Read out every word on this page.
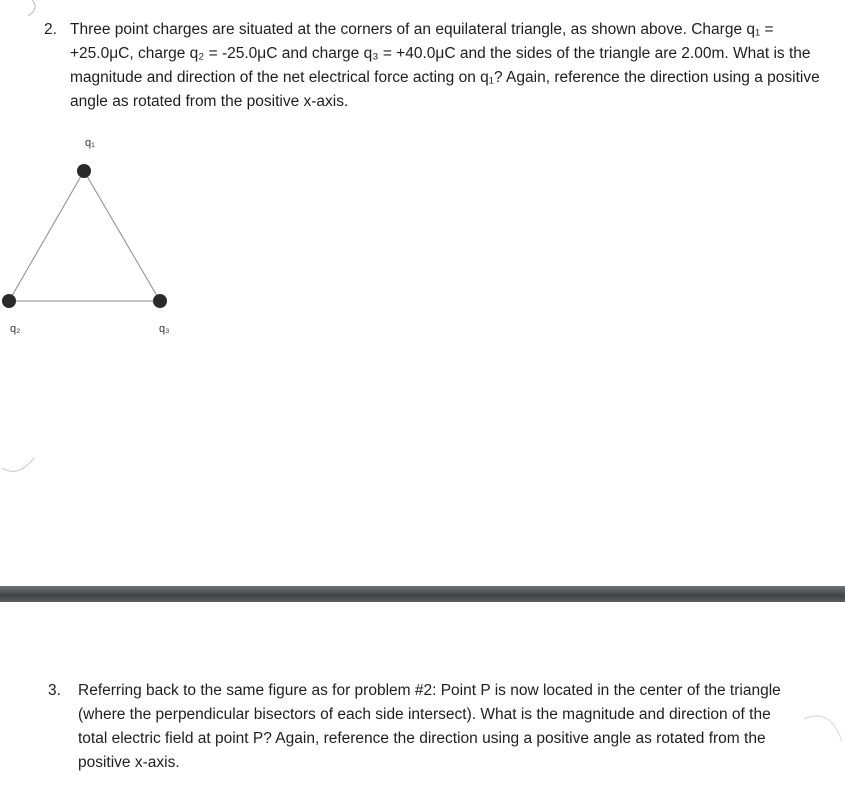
2. Three point charges are situated at the corners of an equilateral triangle, as shown above. Charge q₁ = +25.0μC, charge q₂ = -25.0μC and charge q₃ = +40.0μC and the sides of the triangle are 2.00m. What is the magnitude and direction of the net electrical force acting on q₁? Again, reference the direction using a positive angle as rotated from the positive x-axis.
q₁
q₂	q₃
3. Referring back to the same figure as for problem #2: Point P is now located in the center of the triangle (where the perpendicular bisectors of each side intersect). What is the magnitude and direction of the total electric field at point P? Again, reference the direction using a positive angle as rotated from the positive x-axis.
